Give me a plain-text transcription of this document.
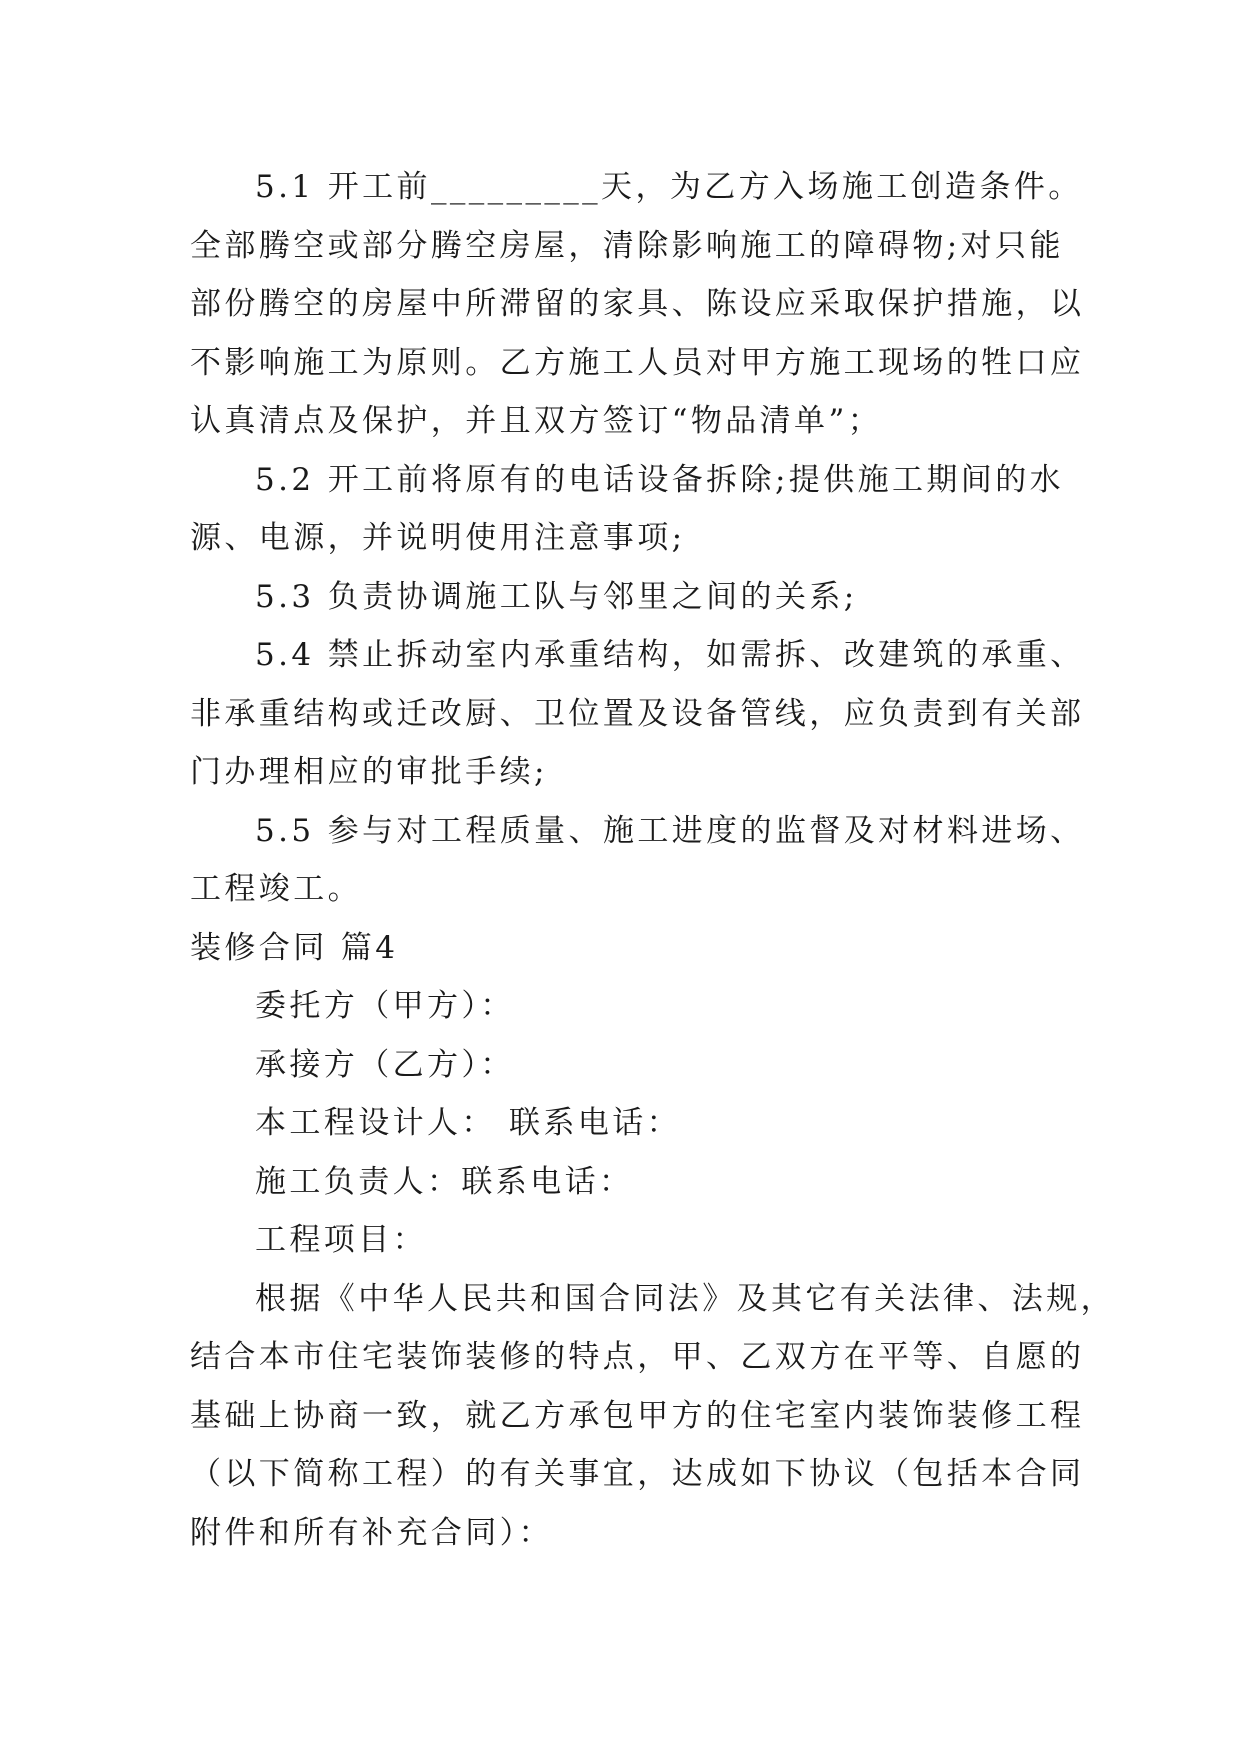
5.1 开工前_________天，为乙方入场施工创造条件。
全部腾空或部分腾空房屋，清除影响施工的障碍物;对只能
部份腾空的房屋中所滞留的家具、陈设应采取保护措施，以
不影响施工为原则。乙方施工人员对甲方施工现场的牲口应
认真清点及保护，并且双方签订“物品清单”；
5.2 开工前将原有的电话设备拆除;提供施工期间的水
源、电源，并说明使用注意事项;
5.3 负责协调施工队与邻里之间的关系;
5.4 禁止拆动室内承重结构，如需拆、改建筑的承重、
非承重结构或迁改厨、卫位置及设备管线，应负责到有关部
门办理相应的审批手续;
5.5 参与对工程质量、施工进度的监督及对材料进场、
工程竣工。
装修合同 篇4
委托方（甲方）：
承接方（乙方）：
本工程设计人： 联系电话：
施工负责人：联系电话：
工程项目：
根据《中华人民共和国合同法》及其它有关法律、法规，
结合本市住宅装饰装修的特点，甲、乙双方在平等、自愿的
基础上协商一致，就乙方承包甲方的住宅室内装饰装修工程
（以下简称工程）的有关事宜，达成如下协议（包括本合同
附件和所有补充合同）：
